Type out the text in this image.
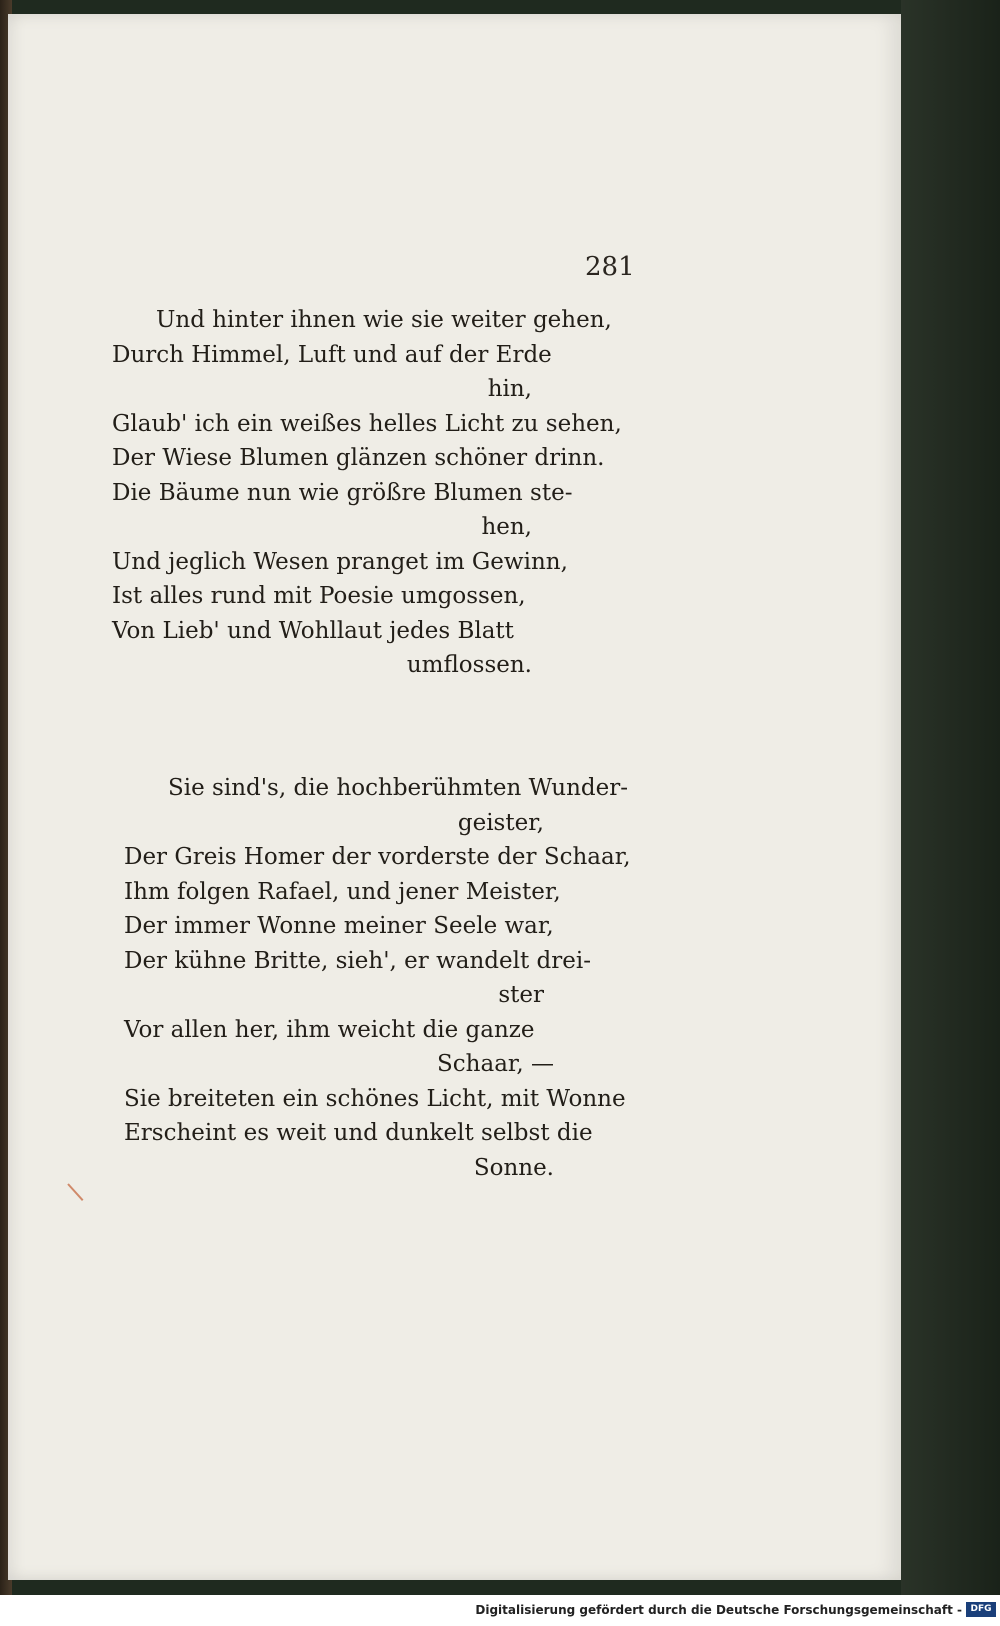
281
Und hinter ihnen wie sie weiter gehen,
Durch Himmel, Luft und auf der Erde
hin,
Glaub' ich ein weißes helles Licht zu sehen,
Der Wiese Blumen glänzen schöner drinn.
Die Bäume nun wie größre Blumen ste-
hen,
Und jeglich Wesen pranget im Gewinn,
Ist alles rund mit Poesie umgossen,
Von Lieb' und Wohllaut jedes Blatt
umflossen.
Sie sind's, die hochberühmten Wunder-
geister,
Der Greis Homer der vorderste der Schaar,
Ihm folgen Rafael, und jener Meister,
Der immer Wonne meiner Seele war,
Der kühne Britte, sieh', er wandelt drei-
ster
Vor allen her, ihm weicht die ganze
Schaar, —
Sie breiteten ein schönes Licht, mit Wonne
Erscheint es weit und dunkelt selbst die
Sonne.
Digitalisierung gefördert durch die Deutsche Forschungsgemeinschaft - DFG
